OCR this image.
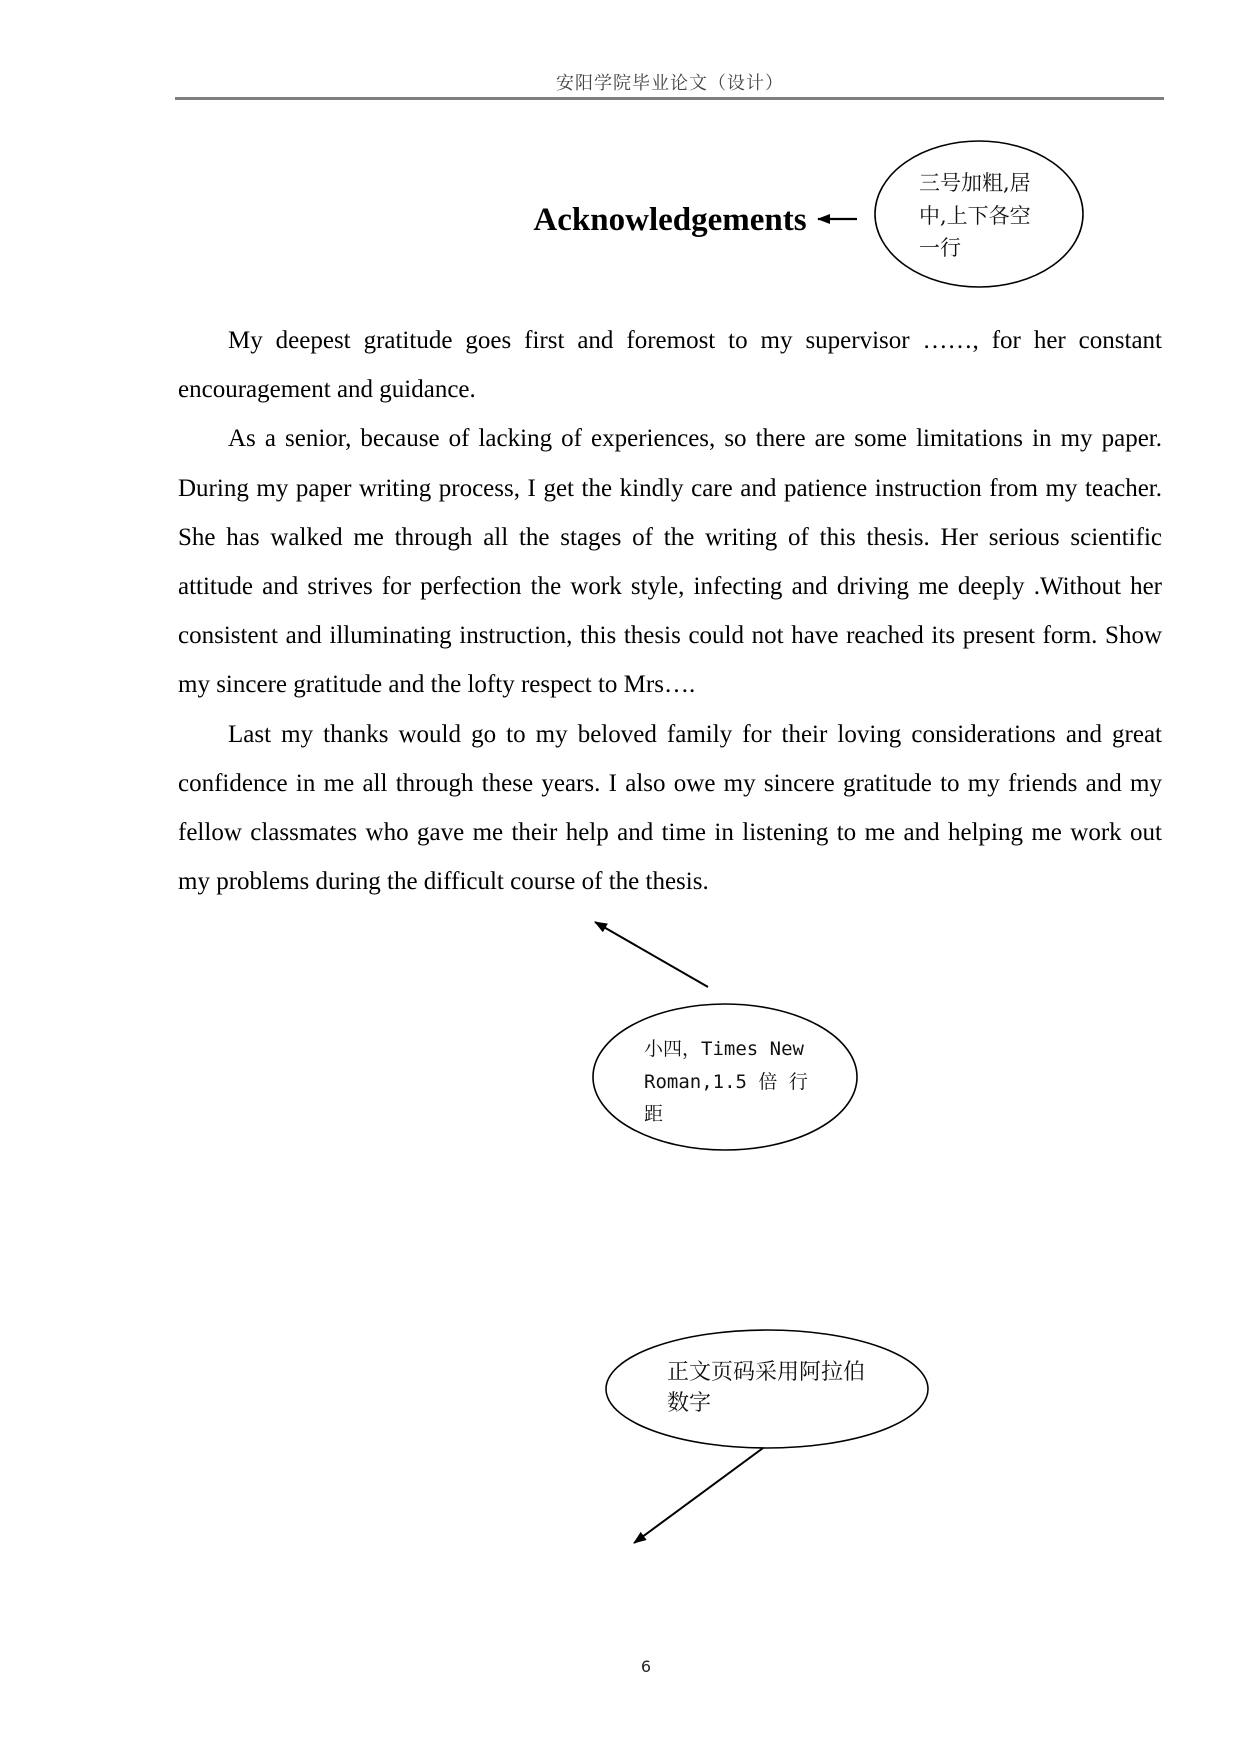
安阳学院毕业论文（设计）
Acknowledgements
My deepest gratitude goes first and foremost to my supervisor ……, for her constant
encouragement and guidance.
As a senior, because of lacking of experiences, so there are some limitations in my paper.
During my paper writing process, I get the kindly care and patience instruction from my teacher.
She has walked me through all the stages of the writing of this thesis. Her serious scientific
attitude and strives for perfection the work style, infecting and driving me deeply .Without her
consistent and illuminating instruction, this thesis could not have reached its present form. Show
my sincere gratitude and the lofty respect to Mrs….
Last my thanks would go to my beloved family for their loving considerations and great
confidence in me all through these years. I also owe my sincere gratitude to my friends and my
fellow classmates who gave me their help and time in listening to me and helping me work out
my problems during the difficult course of the thesis.
三号加粗,居
中,上下各空
一行
小四，Times New
Roman,1.5 倍 行
距
正文页码采用阿拉伯
数字
6
